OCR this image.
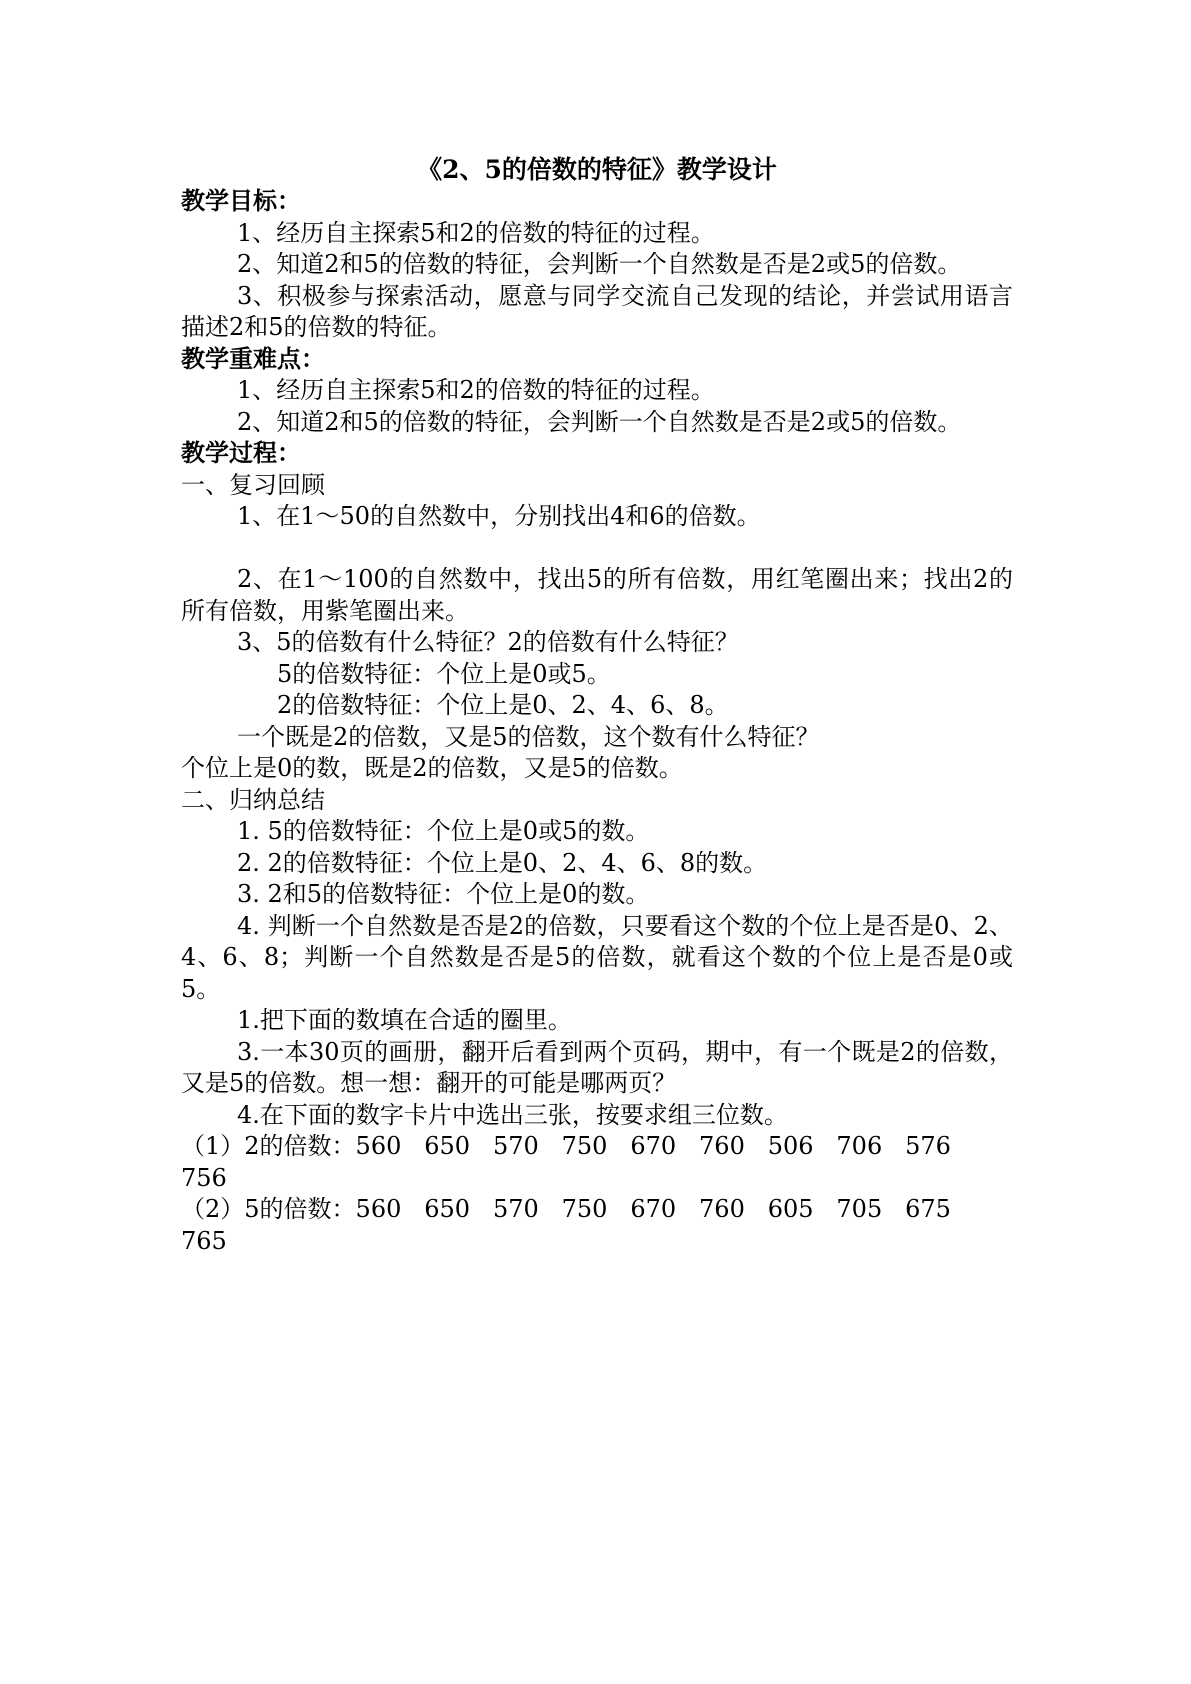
《2、5的倍数的特征》教学设计

教学目标：

1、经历自主探索5和2的倍数的特征的过程。

2、知道2和5的倍数的特征，会判断一个自然数是否是2或5的倍数。

3、积极参与探索活动，愿意与同学交流自己发现的结论，并尝试用语言描述2和5的倍数的特征。

教学重难点：

1、经历自主探索5和2的倍数的特征的过程。

2、知道2和5的倍数的特征，会判断一个自然数是否是2或5的倍数。

教学过程：

一、复习回顾

1、在1～50的自然数中，分别找出4和6的倍数。

2、在1～100的自然数中，找出5的所有倍数，用红笔圈出来；找出2的所有倍数，用紫笔圈出来。

3、5的倍数有什么特征？2的倍数有什么特征？

5的倍数特征：个位上是0或5。

2的倍数特征：个位上是0、2、4、6、8。

一个既是2的倍数，又是5的倍数，这个数有什么特征？

个位上是0的数，既是2的倍数，又是5的倍数。

二、归纳总结

1. 5的倍数特征：个位上是0或5的数。

2. 2的倍数特征：个位上是0、2、4、6、8的数。

3. 2和5的倍数特征：个位上是0的数。

4. 判断一个自然数是否是2的倍数，只要看这个数的个位上是否是0、2、4、6、8；判断一个自然数是否是5的倍数，就看这个数的个位上是否是0或5。

1.把下面的数填在合适的圈里。

3.一本30页的画册，翻开后看到两个页码，期中，有一个既是2的倍数，又是5的倍数。想一想：翻开的可能是哪两页？

4.在下面的数字卡片中选出三张，按要求组三位数。

（1）2的倍数：560   650   570   750   670   760   506   706   576

756

（2）5的倍数：560   650   570   750   670   760   605   705   675

765
